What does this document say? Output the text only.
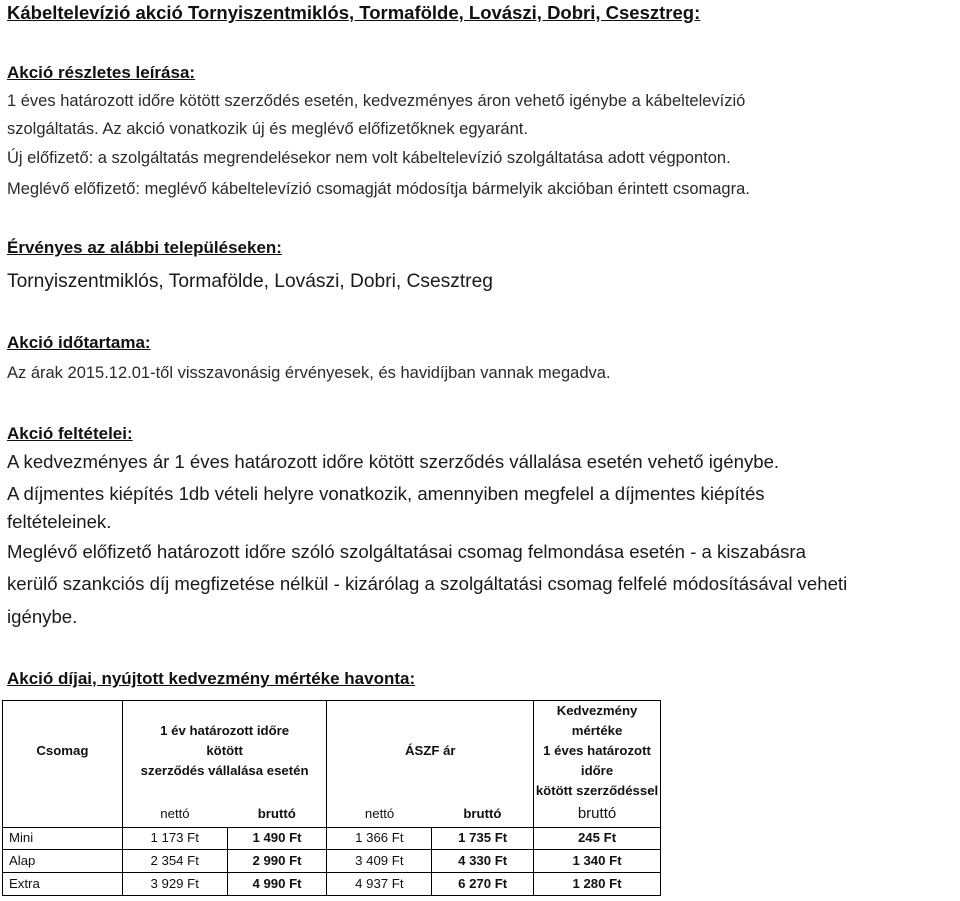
Kábeltelevízió akció Tornyiszentmiklós, Tormafölde, Lovászi, Dobri, Csesztreg:
Akció részletes leírása:
1 éves határozott időre kötött szerződés esetén, kedvezményes áron vehető igénybe a kábeltelevízió
szolgáltatás. Az akció vonatkozik új és meglévő előfizetőknek egyaránt.
Új előfizető: a szolgáltatás megrendelésekor nem volt kábeltelevízió szolgáltatása adott végponton.
Meglévő előfizető: meglévő kábeltelevízió csomagját módosítja bármelyik akcióban érintett csomagra.
Érvényes az alábbi településeken:
Tornyiszentmiklós, Tormafölde, Lovászi, Dobri, Csesztreg
Akció időtartama:
Az árak 2015.12.01-től visszavonásig érvényesek, és havidíjban vannak megadva.
Akció feltételei:
A kedvezményes ár 1 éves határozott időre kötött szerződés vállalása esetén vehető igénybe.
A díjmentes kiépítés 1db vételi helyre vonatkozik, amennyiben megfelel a díjmentes kiépítés
feltételeinek.
Meglévő előfizető határozott időre szóló szolgáltatásai csomag felmondása esetén - a kiszabásra
kerülő szankciós díj megfizetése nélkül - kizárólag a szolgáltatási csomag felfelé módosításával veheti
igénybe.
Akció díjai, nyújtott kedvezmény mértéke havonta:
Csomag	1 év határozott időre
kötött
szerződés vállalása esetén		ÁSZF ár		Kedvezmény mértéke
1 éves határozott időre
kötött szerződéssel
	nettó	bruttó	nettó	bruttó	bruttó
Mini	1 173 Ft	1 490 Ft	1 366 Ft	1 735 Ft	245 Ft
Alap	2 354 Ft	2 990 Ft	3 409 Ft	4 330 Ft	1 340 Ft
Extra	3 929 Ft	4 990 Ft	4 937 Ft	6 270 Ft	1 280 Ft
